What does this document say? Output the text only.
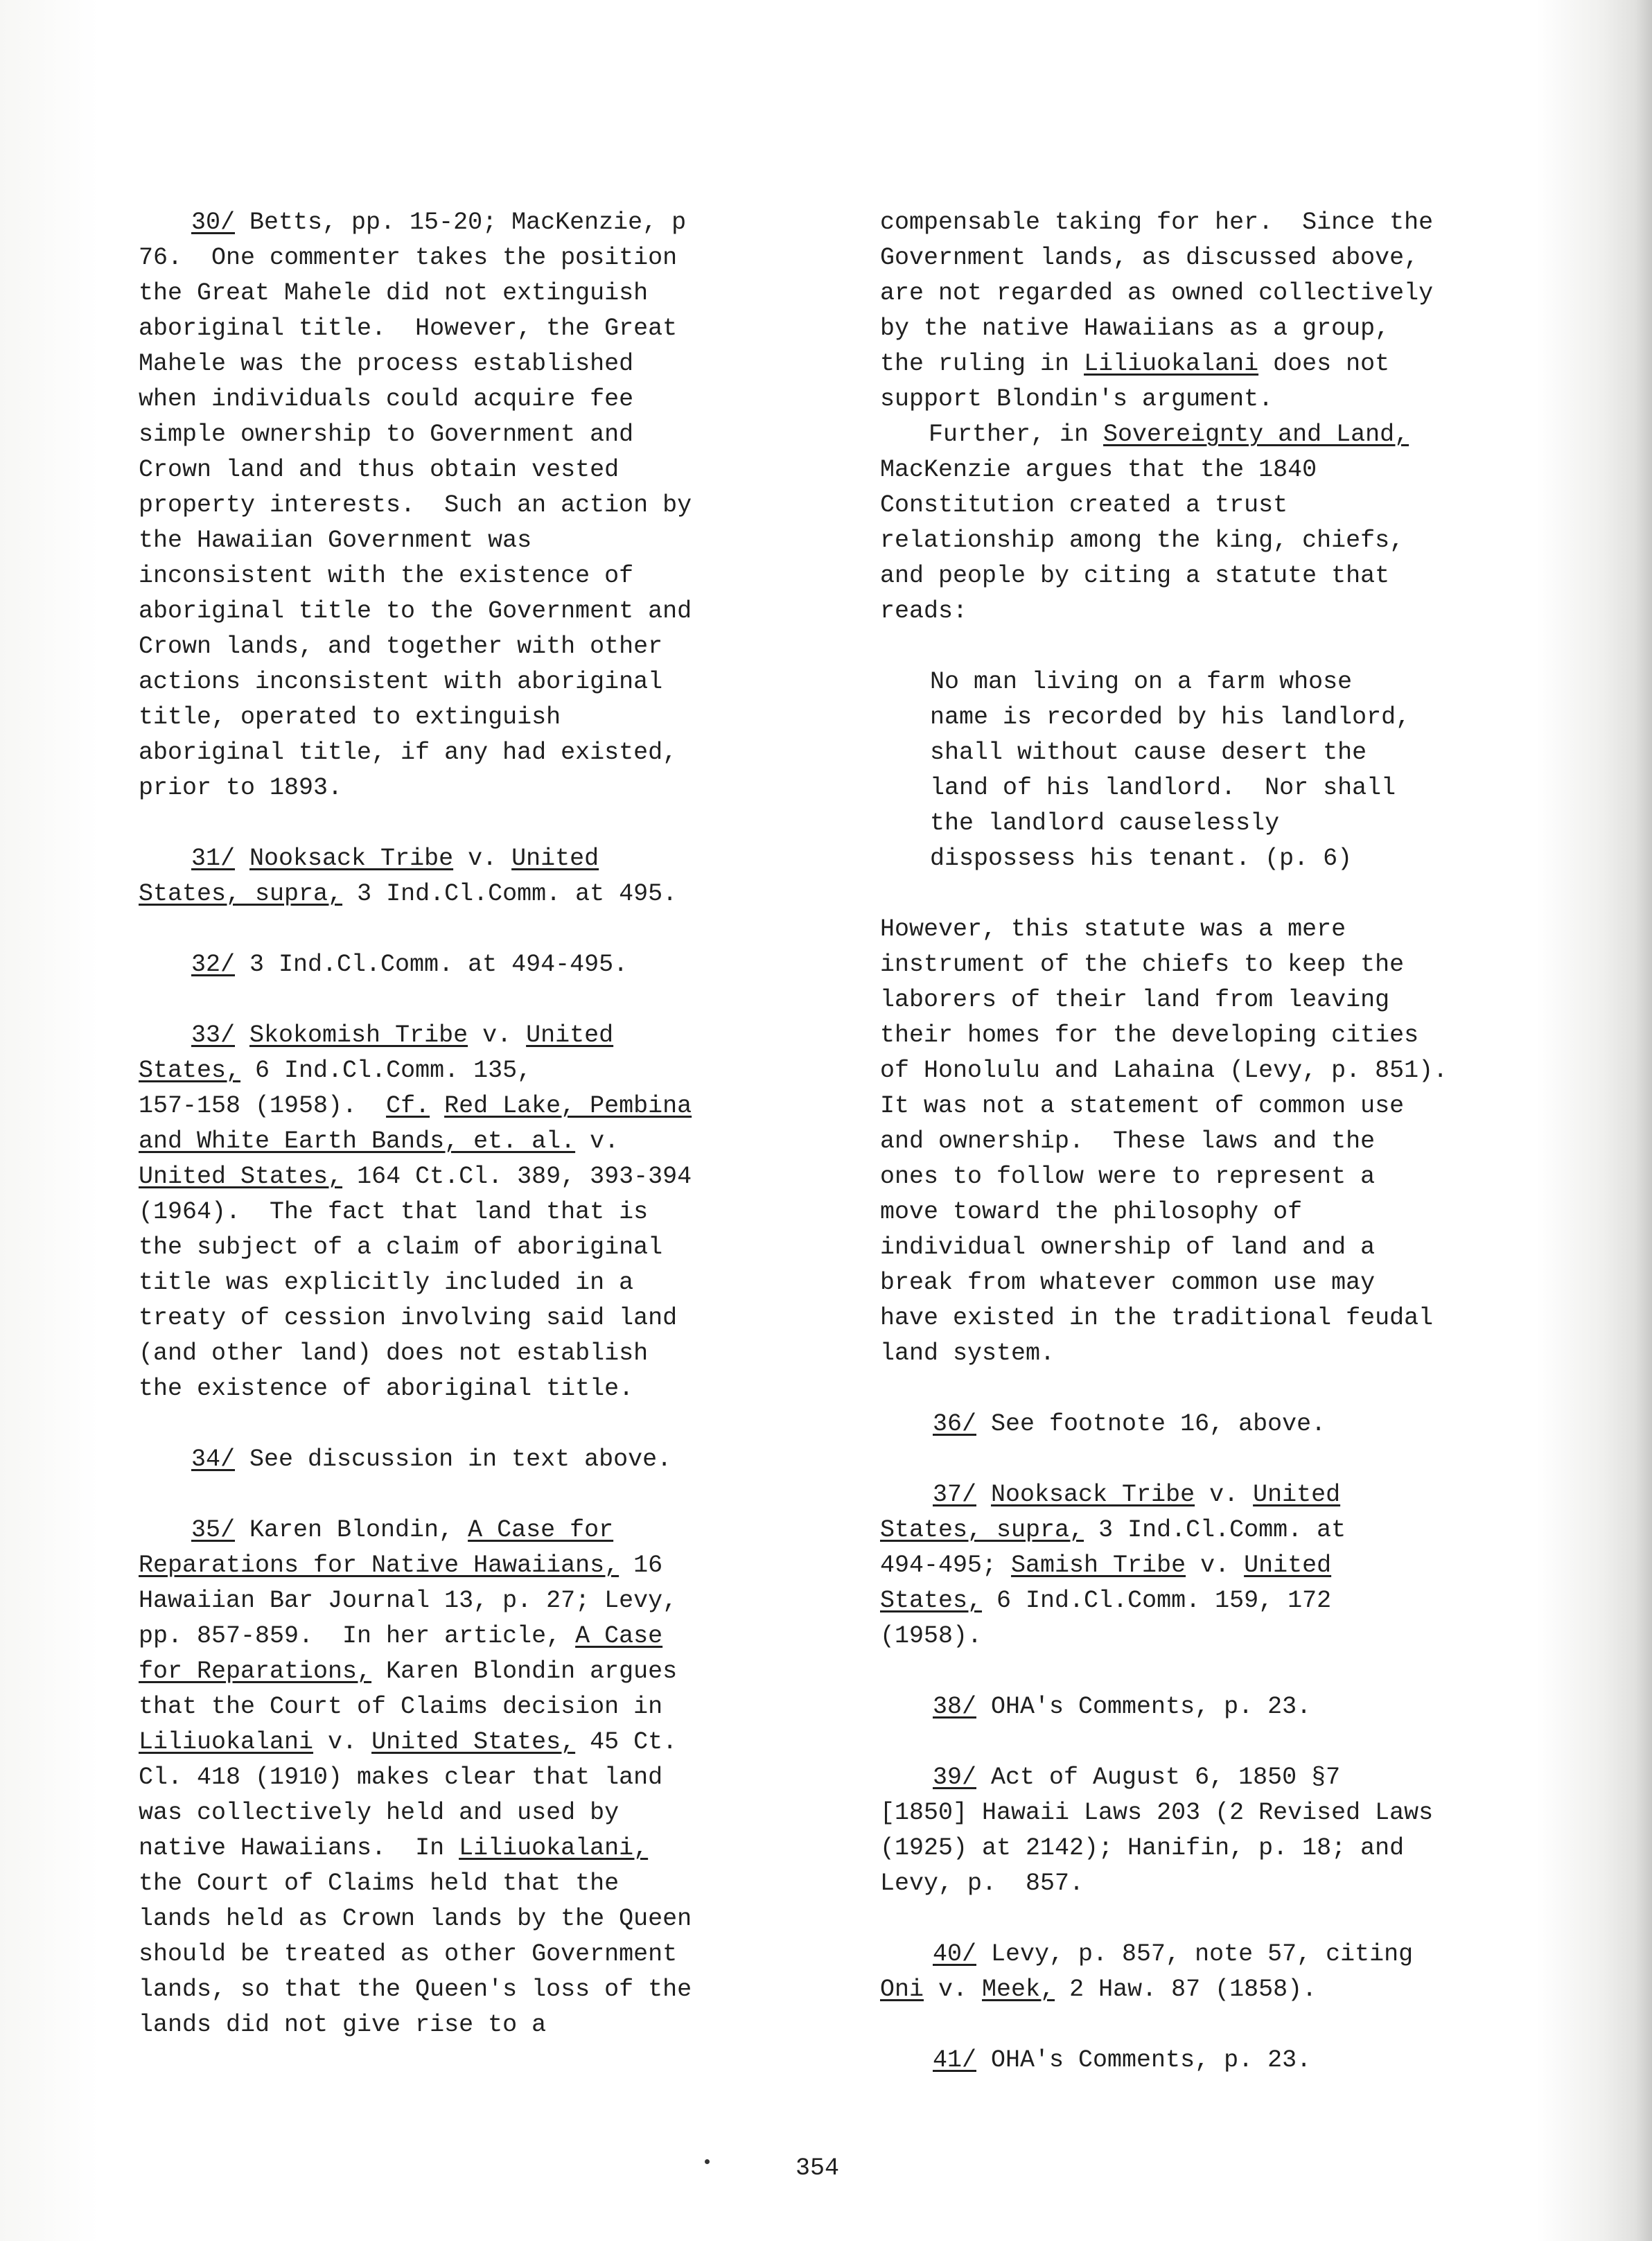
30/ Betts, pp. 15-20; MacKenzie, p
76.  One commenter takes the position
the Great Mahele did not extinguish
aboriginal title.  However, the Great
Mahele was the process established
when individuals could acquire fee
simple ownership to Government and
Crown land and thus obtain vested
property interests.  Such an action by
the Hawaiian Government was
inconsistent with the existence of
aboriginal title to the Government and
Crown lands, and together with other
actions inconsistent with aboriginal
title, operated to extinguish
aboriginal title, if any had existed,
prior to 1893.
31/ Nooksack Tribe v. United
States, supra, 3 Ind.Cl.Comm. at 495.
32/ 3 Ind.Cl.Comm. at 494-495.
33/ Skokomish Tribe v. United
States, 6 Ind.Cl.Comm. 135,
157-158 (1958).  Cf. Red Lake, Pembina
and White Earth Bands, et. al. v.
United States, 164 Ct.Cl. 389, 393-394
(1964).  The fact that land that is
the subject of a claim of aboriginal
title was explicitly included in a
treaty of cession involving said land
(and other land) does not establish
the existence of aboriginal title.
34/ See discussion in text above.
35/ Karen Blondin, A Case for
Reparations for Native Hawaiians, 16
Hawaiian Bar Journal 13, p. 27; Levy,
pp. 857-859.  In her article, A Case
for Reparations, Karen Blondin argues
that the Court of Claims decision in
Liliuokalani v. United States, 45 Ct.
Cl. 418 (1910) makes clear that land
was collectively held and used by
native Hawaiians.  In Liliuokalani,
the Court of Claims held that the
lands held as Crown lands by the Queen
should be treated as other Government
lands, so that the Queen's loss of the
lands did not give rise to a
compensable taking for her.  Since the
Government lands, as discussed above,
are not regarded as owned collectively
by the native Hawaiians as a group,
the ruling in Liliuokalani does not
support Blondin's argument.
Further, in Sovereignty and Land,
MacKenzie argues that the 1840
Constitution created a trust
relationship among the king, chiefs,
and people by citing a statute that
reads:
No man living on a farm whose
name is recorded by his landlord,
shall without cause desert the
land of his landlord.  Nor shall
the landlord causelessly
dispossess his tenant. (p. 6)
However, this statute was a mere
instrument of the chiefs to keep the
laborers of their land from leaving
their homes for the developing cities
of Honolulu and Lahaina (Levy, p. 851).
It was not a statement of common use
and ownership.  These laws and the
ones to follow were to represent a
move toward the philosophy of
individual ownership of land and a
break from whatever common use may
have existed in the traditional feudal
land system.
36/ See footnote 16, above.
37/ Nooksack Tribe v. United
States, supra, 3 Ind.Cl.Comm. at
494-495; Samish Tribe v. United
States, 6 Ind.Cl.Comm. 159, 172
(1958).
38/ OHA's Comments, p. 23.
39/ Act of August 6, 1850 §7
[1850] Hawaii Laws 203 (2 Revised Laws
(1925) at 2142); Hanifin, p. 18; and
Levy, p.  857.
40/ Levy, p. 857, note 57, citing
Oni v. Meek, 2 Haw. 87 (1858).
41/ OHA's Comments, p. 23.
354
